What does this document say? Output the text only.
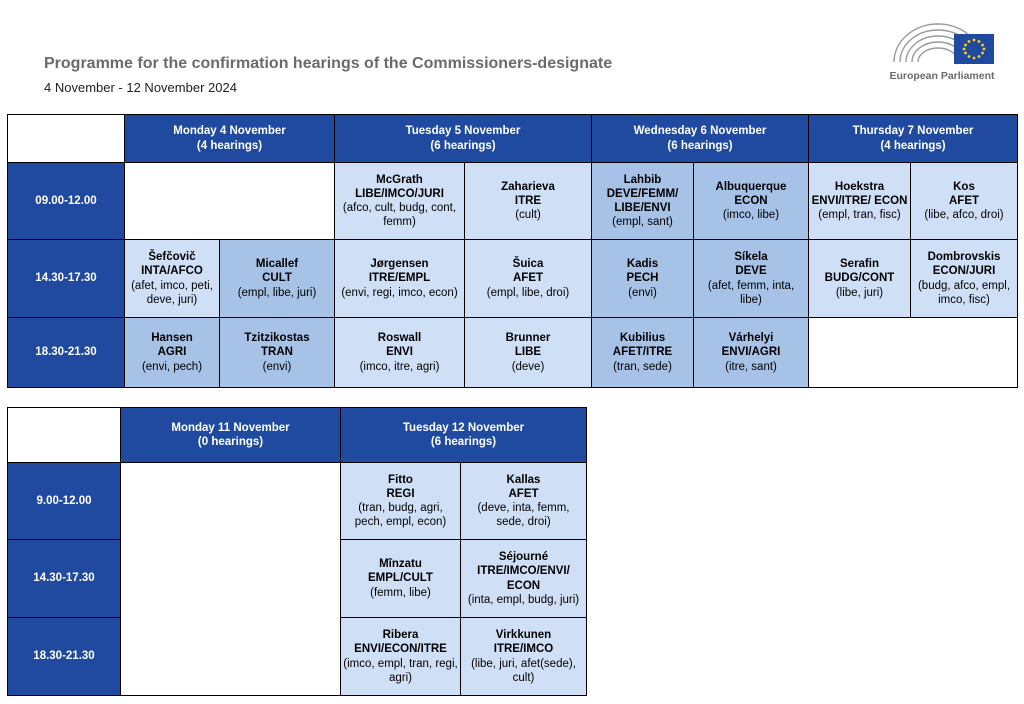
Programme for the confirmation hearings of the Commissioners-designate
4 November - 12 November 2024
European Parliament
	Monday 4 November
(4 hearings)		Tuesday 5 November
(6 hearings)		Wednesday 6 November
(6 hearings)		Thursday 7 November
(4 hearings)	
09.00-12.00			McGrath
LIBE/IMCO/JURI
(afco, cult, budg, cont, femm)	Zaharieva
ITRE
(cult)	Lahbib
DEVE/FEMM/ LIBE/ENVI
(empl, sant)	Albuquerque
ECON
(imco, libe)	Hoekstra
ENVI/ITRE/ ECON
(empl, tran, fisc)	Kos
AFET
(libe, afco, droi)

14.30-17.30	Šefčovič
INTA/AFCO
(afet, imco, peti, deve, juri)	Micallef
CULT
(empl, libe, juri)	Jørgensen
ITRE/EMPL
(envi, regi, imco, econ)	Šuica
AFET
(empl, libe, droi)	Kadis
PECH
(envi)	Síkela
DEVE
(afet, femm, inta, libe)	Serafin
BUDG/CONT
(libe, juri)	Dombrovskis
ECON/JURI
(budg, afco, empl, imco, fisc)

18.30-21.30	Hansen
AGRI
(envi, pech)	Tzitzikostas
TRAN
(envi)	Roswall
ENVI
(imco, itre, agri)	Brunner
LIBE
(deve)	Kubilius
AFET/ITRE
(tran, sede)	Várhelyi
ENVI/AGRI
(itre, sant)		

	Monday 11 November
(0 hearings)	Tuesday 12 November
(6 hearings)	
9.00-12.00		Fitto
REGI
(tran, budg, agri, pech, empl, econ)	Kallas
AFET
(deve, inta, femm, sede, droi)

14.30-17.30		Mînzatu
EMPL/CULT
(femm, libe)	Séjourné
ITRE/IMCO/ENVI/ ECON
(inta, empl, budg, juri)

18.30-21.30		Ribera
ENVI/ECON/ITRE
(imco, empl, tran, regi, agri)	Virkkunen
ITRE/IMCO
(libe, juri, afet(sede), cult)
